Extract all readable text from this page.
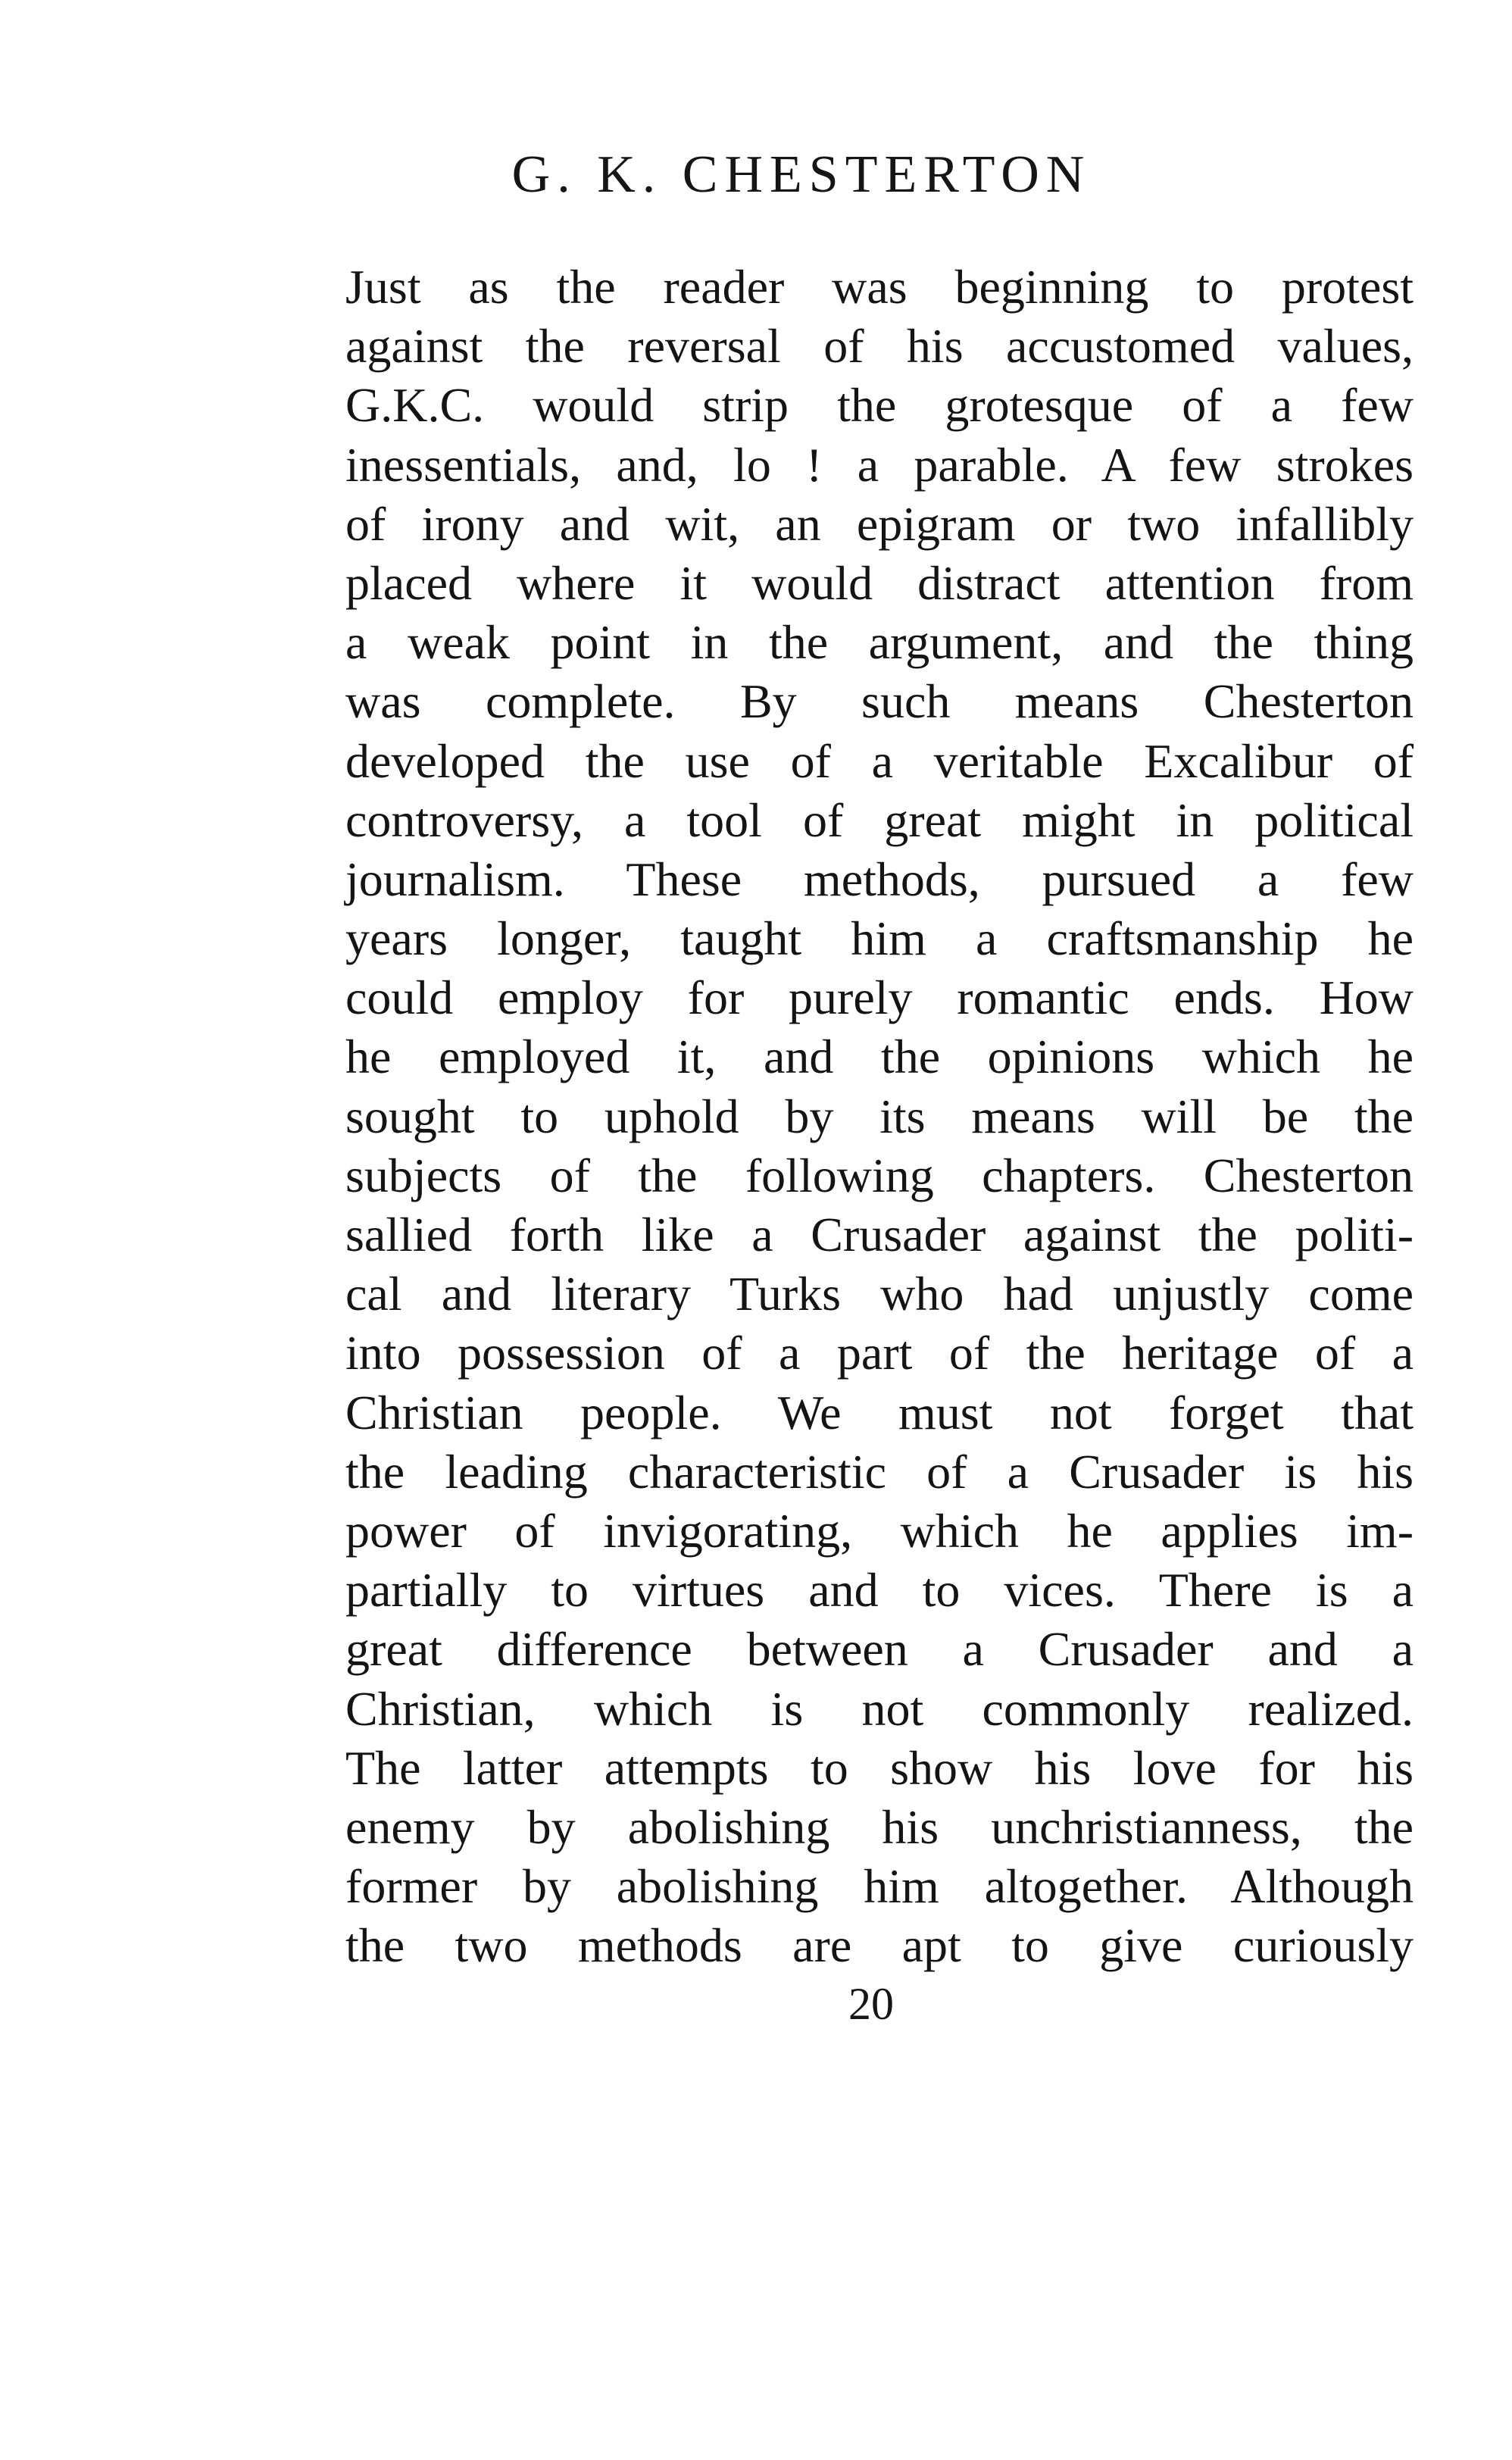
G. K. CHESTERTON
Just as the reader was beginning to protest
against the reversal of his accustomed values,
G.K.C. would strip the grotesque of a few
inessentials, and, lo ! a parable. A few strokes
of irony and wit, an epigram or two infallibly
placed where it would distract attention from
a weak point in the argument, and the thing
was complete. By such means Chesterton
developed the use of a veritable Excalibur of
controversy, a tool of great might in political
journalism. These methods, pursued a few
years longer, taught him a craftsmanship he
could employ for purely romantic ends. How
he employed it, and the opinions which he
sought to uphold by its means will be the
subjects of the following chapters. Chesterton
sallied forth like a Crusader against the politi-
cal and literary Turks who had unjustly come
into possession of a part of the heritage of a
Christian people. We must not forget that
the leading characteristic of a Crusader is his
power of invigorating, which he applies im-
partially to virtues and to vices. There is a
great difference between a Crusader and a
Christian, which is not commonly realized.
The latter attempts to show his love for his
enemy by abolishing his unchristianness, the
former by abolishing him altogether. Although
the two methods are apt to give curiously
20
